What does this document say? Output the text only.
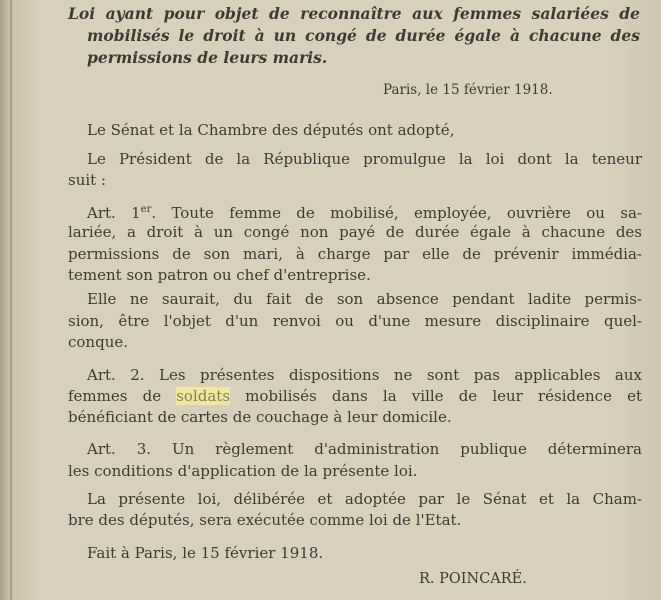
Loi ayant pour objet de reconnaître aux femmes salariées de
mobilisés le droit à un congé de durée égale à chacune des
permissions de leurs maris.
Paris, le 15 février 1918.
Le Sénat et la Chambre des députés ont adopté,
Le Président de la République promulgue la loi dont la teneur
suit :
Art. 1er. Toute femme de mobilisé, employée, ouvrière ou sa-
lariée, a droit à un congé non payé de durée égale à chacune des
permissions de son mari, à charge par elle de prévenir immédia-
tement son patron ou chef d'entreprise.
Elle ne saurait, du fait de son absence pendant ladite permis-
sion, être l'objet d'un renvoi ou d'une mesure disciplinaire quel-
conque.
Art. 2. Les présentes dispositions ne sont pas applicables aux
femmes de soldats mobilisés dans la ville de leur résidence et
bénéficiant de cartes de couchage à leur domicile.
Art. 3. Un règlement d'administration publique déterminera
les conditions d'application de la présente loi.
La présente loi, délibérée et adoptée par le Sénat et la Cham-
bre des députés, sera exécutée comme loi de l'Etat.
Fait à Paris, le 15 février 1918.
R. POINCARÉ.
